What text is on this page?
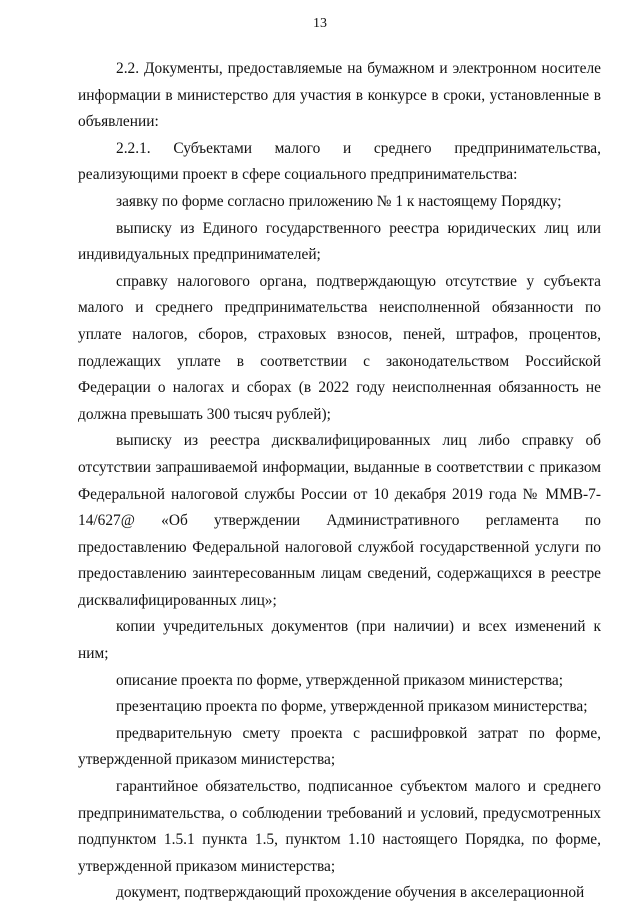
13

2.2. Документы, предоставляемые на бумажном и электронном носителе информации в министерство для участия в конкурсе в сроки, установленные в объявлении:

2.2.1. Субъектами малого и среднего предпринимательства, реализующими проект в сфере социального предпринимательства:

заявку по форме согласно приложению № 1 к настоящему Порядку;

выписку из Единого государственного реестра юридических лиц или индивидуальных предпринимателей;

справку налогового органа, подтверждающую отсутствие у субъекта малого и среднего предпринимательства неисполненной обязанности по уплате налогов, сборов, страховых взносов, пеней, штрафов, процентов, подлежащих уплате в соответствии с законодательством Российской Федерации о налогах и сборах (в 2022 году неисполненная обязанность не должна превышать 300 тысяч рублей);

выписку из реестра дисквалифицированных лиц либо справку об отсутствии запрашиваемой информации, выданные в соответствии с приказом Федеральной налоговой службы России от 10 декабря 2019 года № ММВ-7-14/627@ «Об утверждении Административного регламента по предоставлению Федеральной налоговой службой государственной услуги по предоставлению заинтересованным лицам сведений, содержащихся в реестре дисквалифицированных лиц»;

копии учредительных документов (при наличии) и всех изменений к ним;

описание проекта по форме, утвержденной приказом министерства;

презентацию проекта по форме, утвержденной приказом министерства;

предварительную смету проекта с расшифровкой затрат по форме, утвержденной приказом министерства;

гарантийное обязательство, подписанное субъектом малого и среднего предпринимательства, о соблюдении требований и условий, предусмотренных подпунктом 1.5.1 пункта 1.5, пунктом 1.10 настоящего Порядка, по форме, утвержденной приказом министерства;

документ, подтверждающий прохождение обучения в акселерационной
